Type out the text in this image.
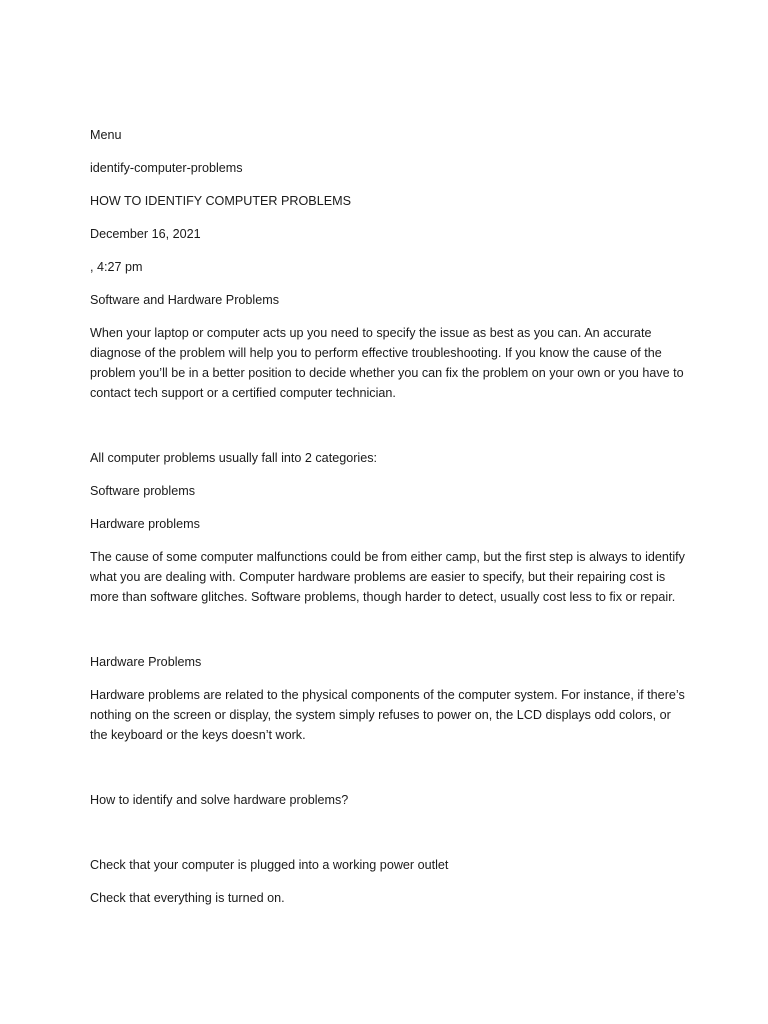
Menu
identify-computer-problems
HOW TO IDENTIFY COMPUTER PROBLEMS
December 16, 2021
, 4:27 pm
Software and Hardware Problems

When your laptop or computer acts up you need to specify the issue as best as you can. An accurate diagnose of the problem will help you to perform effective troubleshooting. If you know the cause of the problem you’ll be in a better position to decide whether you can fix the problem on your own or you have to contact tech support or a certified computer technician.

All computer problems usually fall into 2 categories:
Software problems
Hardware problems

The cause of some computer malfunctions could be from either camp, but the first step is always to identify what you are dealing with. Computer hardware problems are easier to specify, but their repairing cost is more than software glitches. Software problems, though harder to detect, usually cost less to fix or repair.

Hardware Problems

Hardware problems are related to the physical components of the computer system. For instance, if there’s nothing on the screen or display, the system simply refuses to power on, the LCD displays odd colors, or the keyboard or the keys doesn’t work.

How to identify and solve hardware problems?
Check that your computer is plugged into a working power outlet
Check that everything is turned on.
